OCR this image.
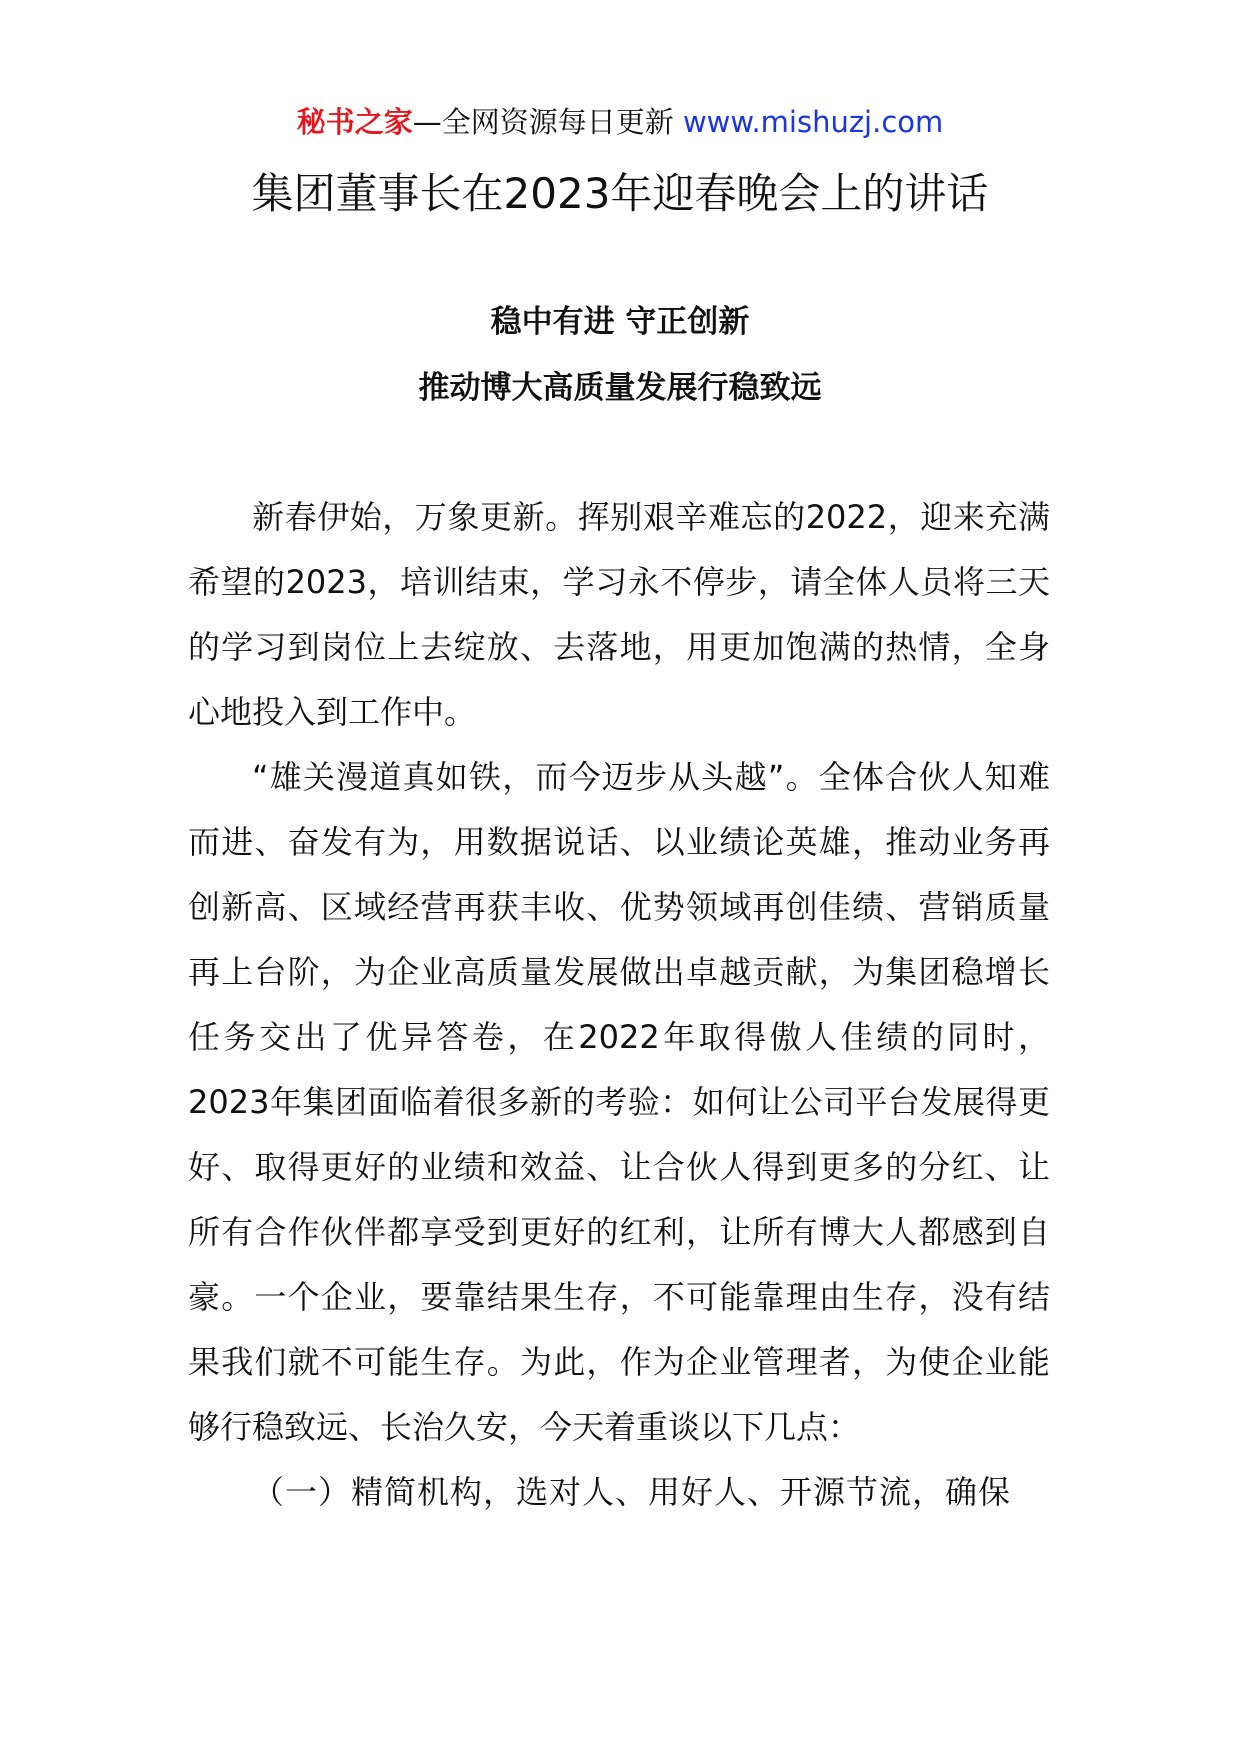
秘书之家—全网资源每日更新 www.mishuzj.com
集团董事长在2023年迎春晚会上的讲话
稳中有进 守正创新
推动博大高质量发展行稳致远

新春伊始，万象更新。挥别艰辛难忘的2022，迎来充满希望的2023，培训结束，学习永不停步，请全体人员将三天的学习到岗位上去绽放、去落地，用更加饱满的热情，全身心地投入到工作中。

“雄关漫道真如铁，而今迈步从头越”。全体合伙人知难而进、奋发有为，用数据说话、以业绩论英雄，推动业务再创新高、区域经营再获丰收、优势领域再创佳绩、营销质量再上台阶，为企业高质量发展做出卓越贡献，为集团稳增长任务交出了优异答卷，在2022年取得傲人佳绩的同时，2023年集团面临着很多新的考验：如何让公司平台发展得更好、取得更好的业绩和效益、让合伙人得到更多的分红、让所有合作伙伴都享受到更好的红利，让所有博大人都感到自豪。一个企业，要靠结果生存，不可能靠理由生存，没有结果我们就不可能生存。为此，作为企业管理者，为使企业能够行稳致远、长治久安，今天着重谈以下几点：

（一）精简机构，选对人、用好人、开源节流，确保
